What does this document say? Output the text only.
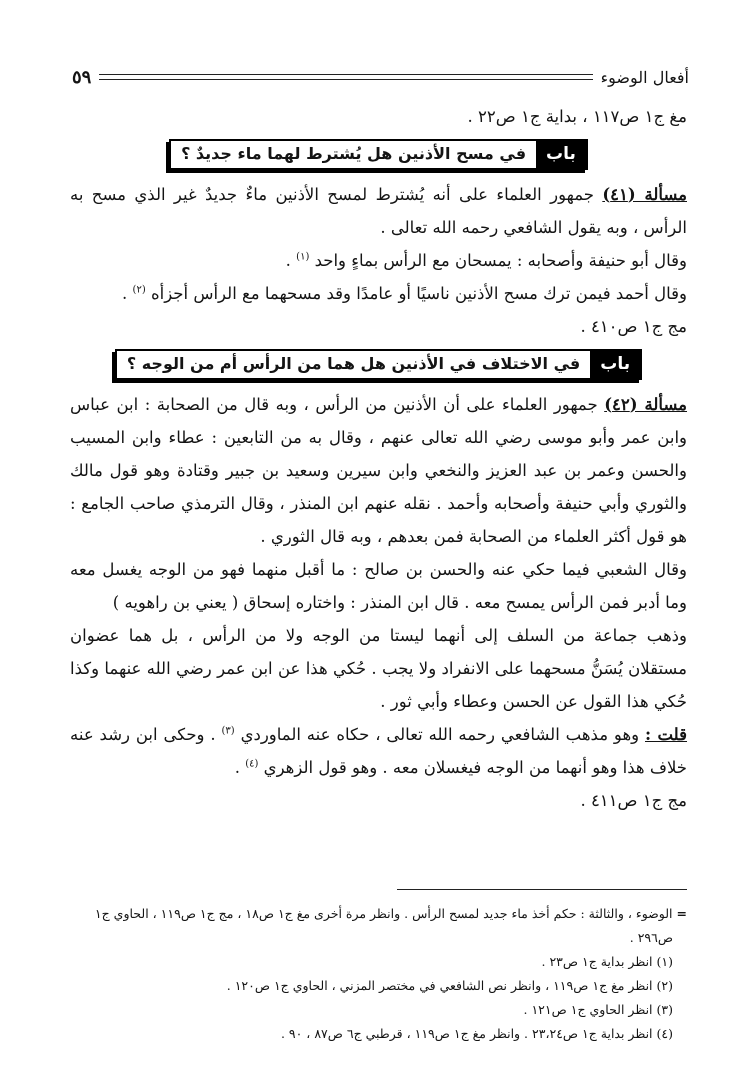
أفعال الوضوء
٥٩

مغ ج١ ص١١٧ ، بداية ج١ ص٢٢ .

باب
في مسح الأذنين هل يُشترط لهما ماء جديدٌ ؟

مسألة (٤١) جمهور العلماء على أنه يُشترط لمسح الأذنين ماءٌ جديدٌ غير الذي مسح به الرأس ، وبه يقول الشافعي رحمه الله تعالى .

وقال أبو حنيفة وأصحابه : يمسحان مع الرأس بماءٍ واحد $^{(١)}$ .

وقال أحمد فيمن ترك مسح الأذنين ناسيًا أو عامدًا وقد مسحهما مع الرأس أجزأه $^{(٢)}$ .

مج ج١ ص٤١٠ .

باب
في الاختلاف في الأذنين هل هما من الرأس أم من الوجه ؟

مسألة (٤٢) جمهور العلماء على أن الأذنين من الرأس ، وبه قال من الصحابة : ابن عباس وابن عمر وأبو موسى رضي الله تعالى عنهم ، وقال به من التابعين : عطاء وابن المسيب والحسن وعمر بن عبد العزيز والنخعي وابن سيرين وسعيد بن جبير وقتادة وهو قول مالك والثوري وأبي حنيفة وأصحابه وأحمد . نقله عنهم ابن المنذر ، وقال الترمذي صاحب الجامع : هو قول أكثر العلماء من الصحابة فمن بعدهم ، وبه قال الثوري .

وقال الشعبي فيما حكي عنه والحسن بن صالح : ما أقبل منهما فهو من الوجه يغسل معه وما أدبر فمن الرأس يمسح معه . قال ابن المنذر : واختاره إسحاق ( يعني بن راهويه )

وذهب جماعة من السلف إلى أنهما ليستا من الوجه ولا من الرأس ، بل هما عضوان مستقلان يُسَنُّ مسحهما على الانفراد ولا يجب . حُكي هذا عن ابن عمر رضي الله عنهما وكذا حُكي هذا القول عن الحسن وعطاء وأبي ثور .

قلت : وهو مذهب الشافعي رحمه الله تعالى ، حكاه عنه الماوردي $^{(٣)}$ . وحكى ابن رشد عنه خلاف هذا وهو أنهما من الوجه فيغسلان معه . وهو قول الزهري $^{(٤)}$ .

مج ج١ ص٤١١ .

= الوضوء ، والثالثة : حكم أخذ ماء جديد لمسح الرأس . وانظر مرة أخرى مغ ج١ ص١٨ ، مج ج١ ص١١٩ ، الحاوي ج١ ص٢٩٦ .

(١) انظر بداية ج١ ص٢٣ .

(٢) انظر مغ ج١ ص١١٩ ، وانظر نص الشافعي في مختصر المزني ، الحاوي ج١ ص١٢٠ .

(٣) انظر الحاوي ج١ ص١٢١ .

(٤) انظر بداية ج١ ص٢٣،٢٤ . وانظر مغ ج١ ص١١٩ ، قرطبي ج٦ ص٨٧ ، ٩٠ .
